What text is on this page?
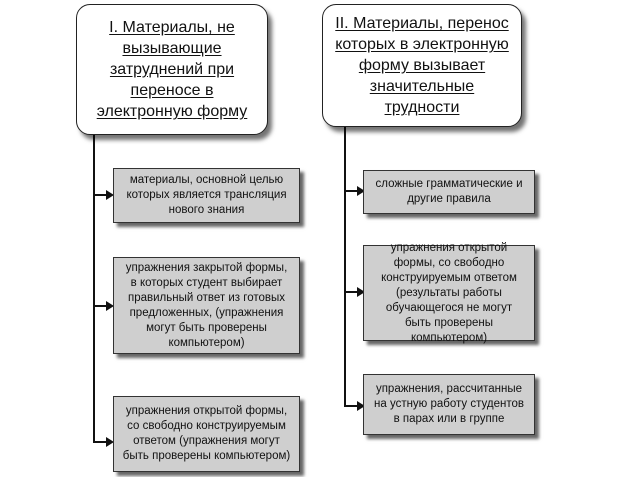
I. Материалы, не вызывающие затруднений при переносе в электронную форму
материалы, основной целью которых является трансляция нового знания
упражнения закрытой формы, в которых студент выбирает правильный ответ из готовых предложенных, (упражнения могут быть проверены компьютером)
упражнения открытой формы, со свободно конструируемым ответом (упражнения могут быть проверены компьютером)
II. Материалы, перенос которых в электронную форму вызывает значительные трудности
сложные грамматические и другие правила
упражнения открытой формы, со свободно конструируемым ответом (результаты работы обучающегося не могут быть проверены компьютером)
упражнения, рассчитанные на устную работу студентов в парах или в группе
